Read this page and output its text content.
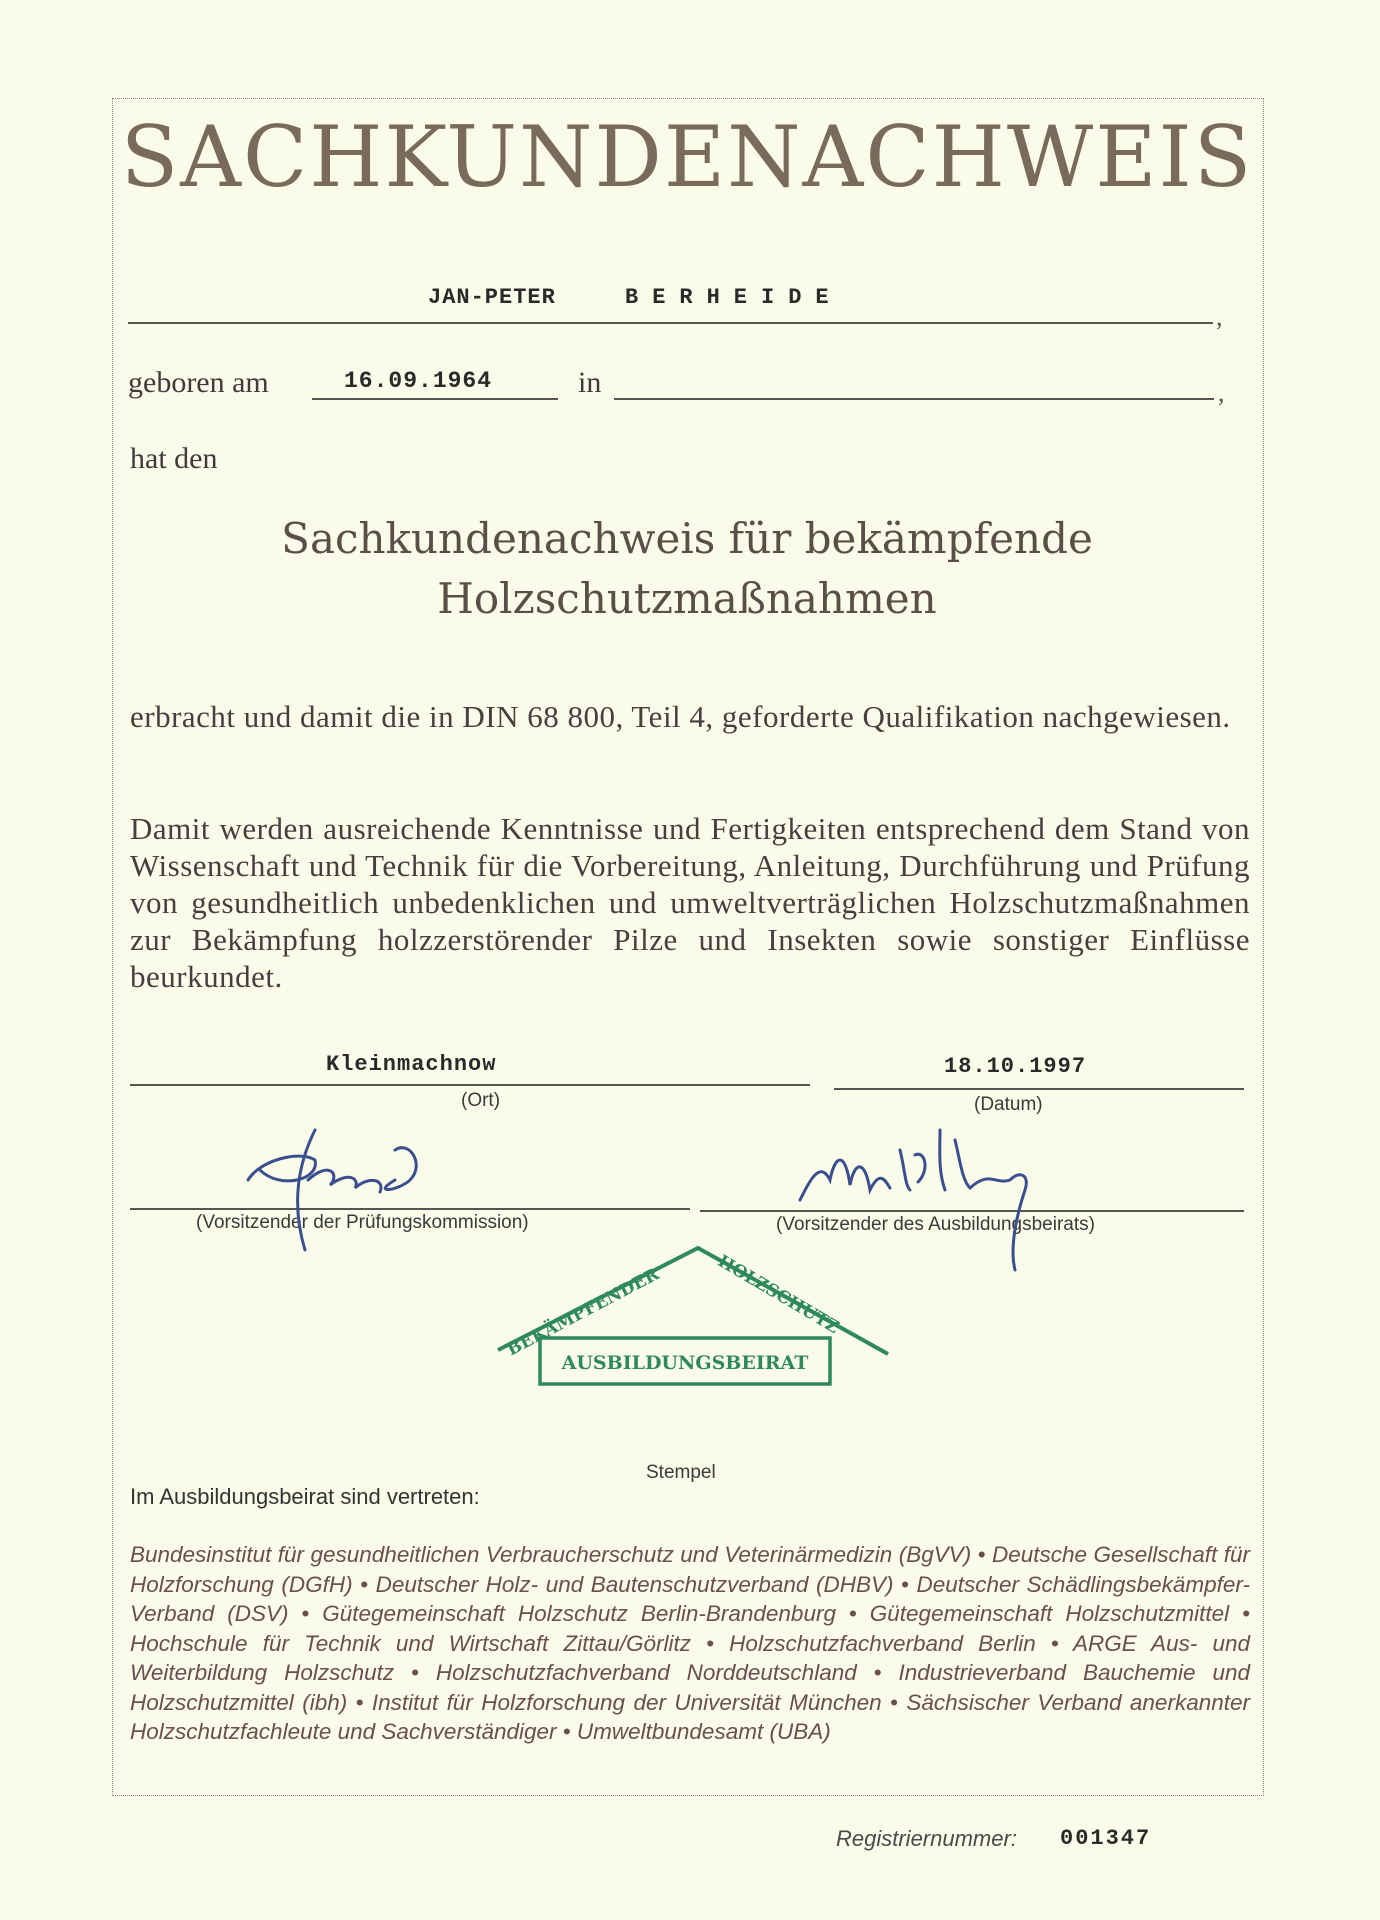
SACHKUNDENACHWEIS
JAN-PETER	BERHEIDE
,
geboren am	16.09.1964	in	,
hat den
Sachkundenachweis für bekämpfende
Holzschutzmaßnahmen
erbracht und damit die in DIN 68 800, Teil 4, geforderte Qualifikation nachgewiesen.
Damit werden ausreichende Kenntnisse und Fertigkeiten entsprechend dem Stand von Wissenschaft und Technik für die Vorbereitung, Anleitung, Durchführung und Prüfung von gesundheitlich unbedenklichen und umweltverträglichen Holzschutzmaßnahmen zur Bekämpfung holzzerstörender Pilze und Insekten sowie sonstiger Einflüsse beurkundet.
Kleinmachnow
(Ort)
18.10.1997
(Datum)
(Vorsitzender der Prüfungskommission)	(Vorsitzender des Ausbildungsbeirats)
BEKÄMPFENDER	HOLZSCHUTZ
AUSBILDUNGSBEIRAT
Stempel
Im Ausbildungsbeirat sind vertreten:
Bundesinstitut für gesundheitlichen Verbraucherschutz und Veterinärmedizin (BgVV) • Deutsche Gesellschaft für Holzforschung (DGfH) • Deutscher Holz- und Bautenschutzverband (DHBV) • Deutscher Schädlingsbekämpfer-Verband (DSV) • Gütegemeinschaft Holzschutz Berlin-Brandenburg • Gütegemeinschaft Holzschutzmittel • Hochschule für Technik und Wirtschaft Zittau/Görlitz • Holzschutzfachverband Berlin • ARGE Aus- und Weiterbildung Holzschutz • Holzschutzfachverband Norddeutschland • Industrieverband Bauchemie und Holzschutzmittel (ibh) • Institut für Holzforschung der Universität München • Sächsischer Verband anerkannter Holzschutzfachleute und Sachverständiger • Umweltbundesamt (UBA)
Registriernummer: 001347
